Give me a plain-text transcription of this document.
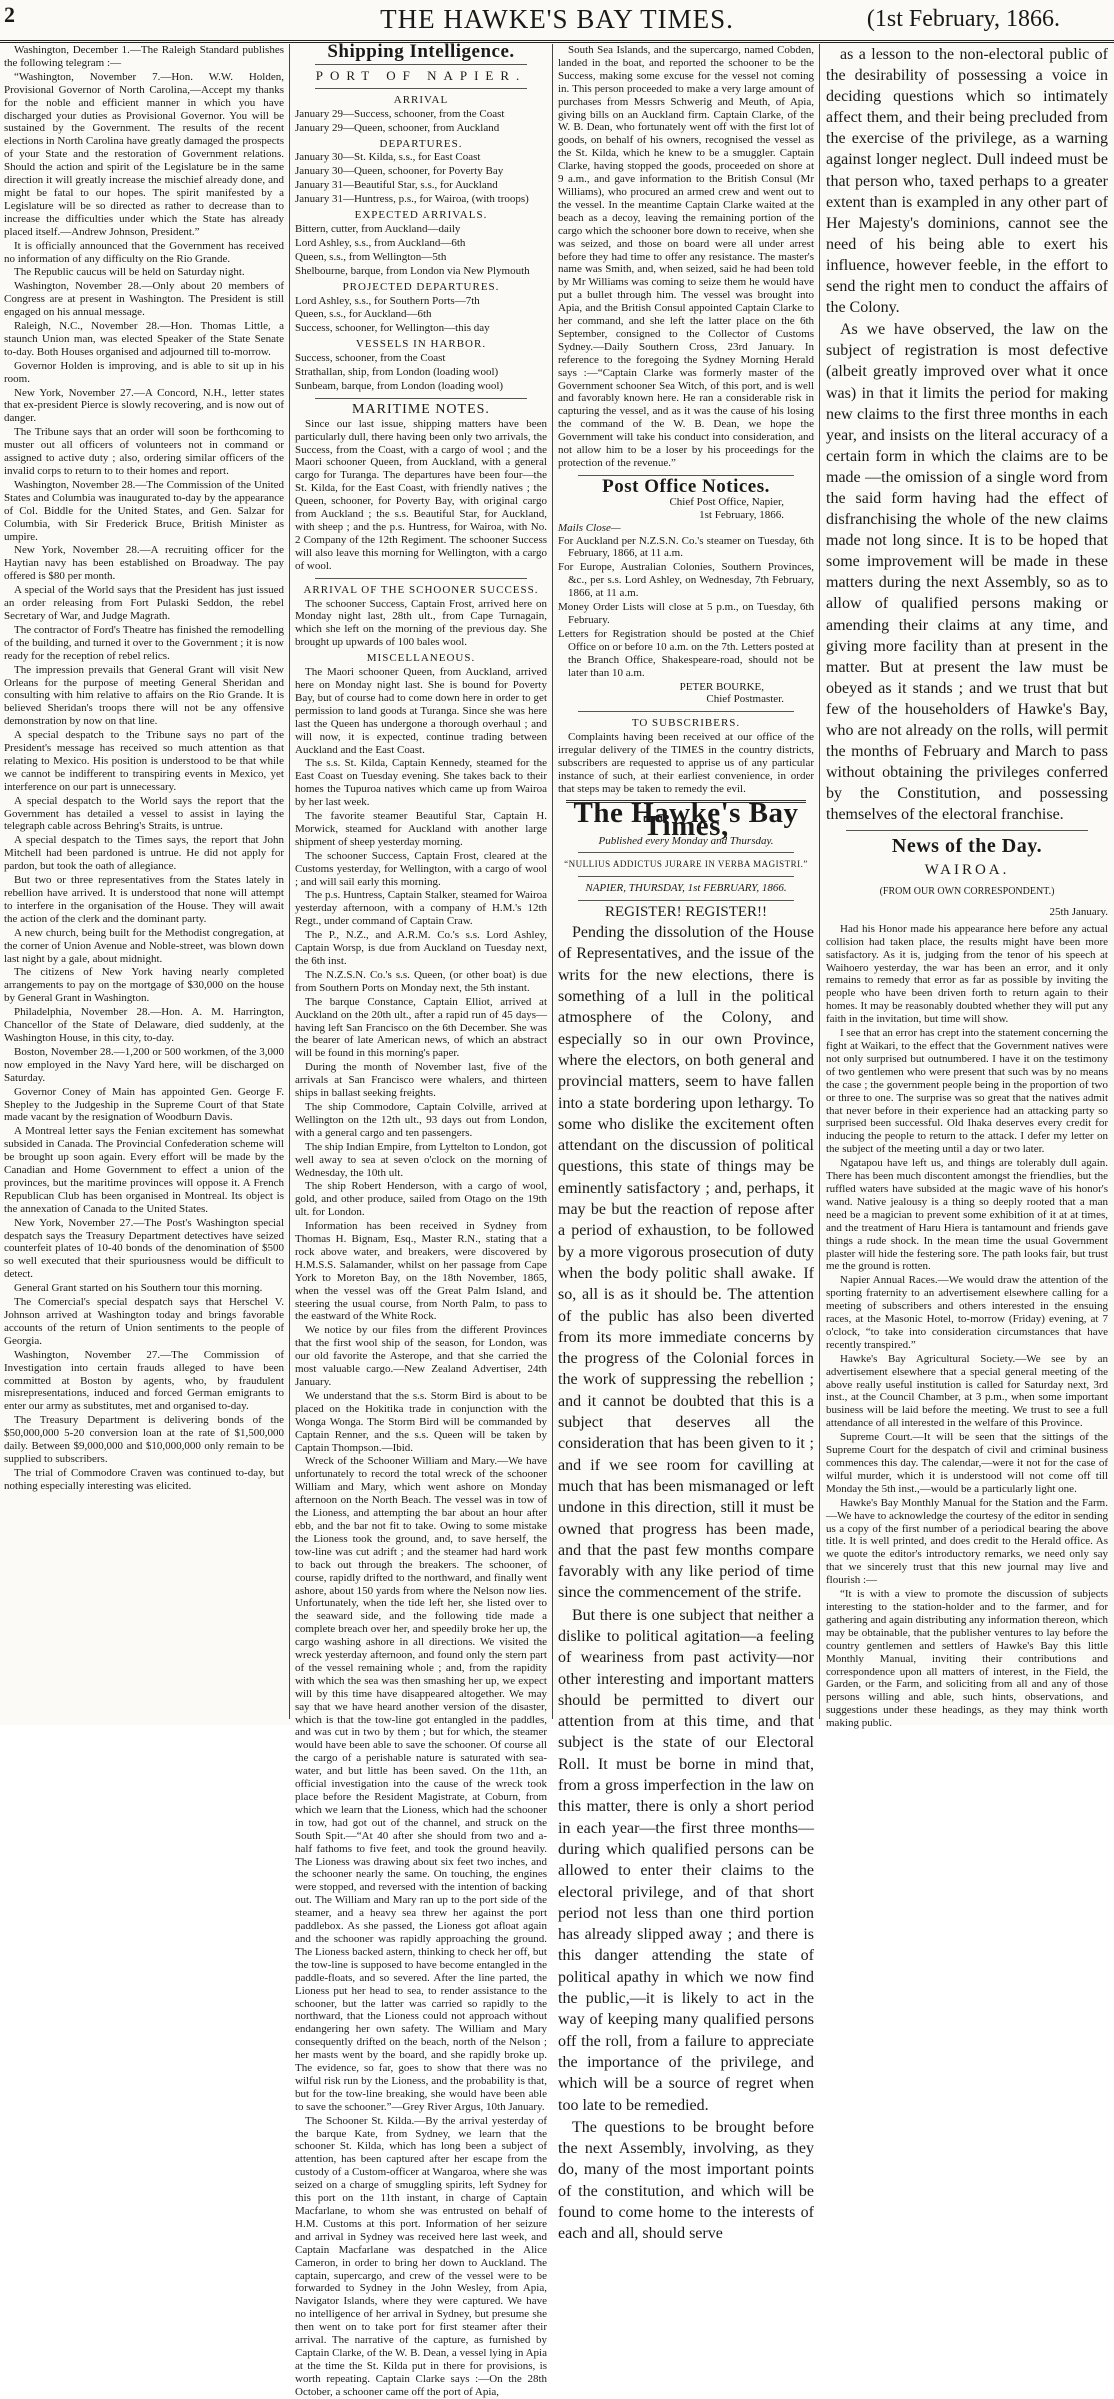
2	THE HAWKE'S BAY TIMES.	(1st February, 1866.

Washington, December 1.—The Raleigh Standard publishes the following telegram :—

“Washington, November 7.—Hon. W.W. Holden, Provisional Governor of North Carolina,—Accept my thanks for the noble and efficient manner in which you have discharged your duties as Provisional Governor. You will be sustained by the Government. The results of the recent elections in North Carolina have greatly damaged the prospects of your State and the restoration of Government relations. Should the action and spirit of the Legislature be in the same direction it will greatly increase the mischief already done, and might be fatal to our hopes. The spirit manifested by a Legislature will be so directed as rather to decrease than to increase the difficulties under which the State has already placed itself.—Andrew Johnson, President.”

It is officially announced that the Government has received no information of any difficulty on the Rio Grande.

The Republic caucus will be held on Saturday night.

Washington, November 28.—Only about 20 members of Congress are at present in Washington. The President is still engaged on his annual message.

Raleigh, N.C., November 28.—Hon. Thomas Little, a staunch Union man, was elected Speaker of the State Senate to-day. Both Houses organised and adjourned till to-morrow.

Governor Holden is improving, and is able to sit up in his room.

New York, November 27.—A Concord, N.H., letter states that ex-president Pierce is slowly recovering, and is now out of danger.

The Tribune says that an order will soon be forthcoming to muster out all officers of volunteers not in command or assigned to active duty ; also, ordering similar officers of the invalid corps to return to to their homes and report.

Washington, November 28.—The Commission of the United States and Columbia was inaugurated to-day by the appearance of Col. Biddle for the United States, and Gen. Salzar for Columbia, with Sir Frederick Bruce, British Minister as umpire.

New York, November 28.—A recruiting officer for the Haytian navy has been established on Broadway. The pay offered is $80 per month.

A special of the World says that the President has just issued an order releasing from Fort Pulaski Seddon, the rebel Secretary of War, and Judge Magrath.

The contractor of Ford's Theatre has finished the remodelling of the building, and turned it over to the Government ; it is now ready for the reception of rebel relics.

The impression prevails that General Grant will visit New Orleans for the purpose of meeting General Sheridan and consulting with him relative to affairs on the Rio Grande. It is believed Sheridan's troops there will not be any offensive demonstration by now on that line.

A special despatch to the Tribune says no part of the President's message has received so much attention as that relating to Mexico. His position is understood to be that while we cannot be indifferent to transpiring events in Mexico, yet interference on our part is unnecessary.

A special despatch to the World says the report that the Government has detailed a vessel to assist in laying the telegraph cable across Behring's Straits, is untrue.

A special despatch to the Times says, the report that John Mitchell had been pardoned is untrue. He did not apply for pardon, but took the oath of allegiance.

But two or three representatives from the States lately in rebellion have arrived. It is understood that none will attempt to interfere in the organisation of the House. They will await the action of the clerk and the dominant party.

A new church, being built for the Methodist congregation, at the corner of Union Avenue and Noble-street, was blown down last night by a gale, about midnight.

The citizens of New York having nearly completed arrangements to pay on the mortgage of $30,000 on the house by General Grant in Washington.

Philadelphia, November 28.—Hon. A. M. Harrington, Chancellor of the State of Delaware, died suddenly, at the Washington House, in this city, to-day.

Boston, November 28.—1,200 or 500 workmen, of the 3,000 now employed in the Navy Yard here, will be discharged on Saturday.

Governor Coney of Main has appointed Gen. George F. Shepley to the Judgeship in the Supreme Court of that State made vacant by the resignation of Woodburn Davis.

A Montreal letter says the Fenian excitement has somewhat subsided in Canada. The Provincial Confederation scheme will be brought up soon again. Every effort will be made by the Canadian and Home Government to effect a union of the provinces, but the maritime provinces will oppose it. A French Republican Club has been organised in Montreal. Its object is the annexation of Canada to the United States.

New York, November 27.—The Post's Washington special despatch says the Treasury Department detectives have seized counterfeit plates of 10-40 bonds of the denomination of $500 so well executed that their spuriousness would be difficult to detect.

General Grant started on his Southern tour this morning.

The Comercial's special despatch says that Herschel V. Johnson arrived at Washington today and brings favorable accounts of the return of Union sentiments to the people of Georgia.

Washington, November 27.—The Commission of Investigation into certain frauds alleged to have been committed at Boston by agents, who, by fraudulent misrepresentations, induced and forced German emigrants to enter our army as substitutes, met and organised to-day.

The Treasury Department is delivering bonds of the $50,000,000 5-20 conversion loan at the rate of $1,500,000 daily. Between $9,000,000 and $10,000,000 only remain to be supplied to subscribers.

The trial of Commodore Craven was continued to-day, but nothing especially interesting was elicited.

Shipping Intelligence.
PORT OF NAPIER.
ARRIVAL

January 29—Success, schooner, from the Coast

January 29—Queen, schooner, from Auckland

DEPARTURES.

January 30—St. Kilda, s.s., for East Coast

January 30—Queen, schooner, for Poverty Bay

January 31—Beautiful Star, s.s., for Auckland

January 31—Huntress, p.s., for Wairoa, (with troops)

EXPECTED ARRIVALS.

Bittern, cutter, from Auckland—daily

Lord Ashley, s.s., from Auckland—6th

Queen, s.s., from Wellington—5th

Shelbourne, barque, from London via New Plymouth

PROJECTED DEPARTURES.

Lord Ashley, s.s., for Southern Ports—7th

Queen, s.s., for Auckland—6th

Success, schooner, for Wellington—this day

VESSELS IN HARBOR.

Success, schooner, from the Coast

Strathallan, ship, from London (loading wool)

Sunbeam, barque, from London (loading wool)

MARITIME NOTES.

Since our last issue, shipping matters have been particularly dull, there having been only two arrivals, the Success, from the Coast, with a cargo of wool ; and the Maori schooner Queen, from Auckland, with a general cargo for Turanga. The departures have been four—the St. Kilda, for the East Coast, with friendly natives ; the Queen, schooner, for Poverty Bay, with original cargo from Auckland ; the s.s. Beautiful Star, for Auckland, with sheep ; and the p.s. Huntress, for Wairoa, with No. 2 Company of the 12th Regiment. The schooner Success will also leave this morning for Wellington, with a cargo of wool.

ARRIVAL OF THE SCHOONER SUCCESS.

The schooner Success, Captain Frost, arrived here on Monday night last, 28th ult., from Cape Turnagain, which she left on the morning of the previous day. She brought up upwards of 100 bales wool.

MISCELLANEOUS.

The Maori schooner Queen, from Auckland, arrived here on Monday night last. She is bound for Poverty Bay, but of course had to come down here in order to get permission to land goods at Turanga. Since she was here last the Queen has undergone a thorough overhaul ; and will now, it is expected, continue trading between Auckland and the East Coast.

The s.s. St. Kilda, Captain Kennedy, steamed for the East Coast on Tuesday evening. She takes back to their homes the Tupuroa natives which came up from Wairoa by her last week.

The favorite steamer Beautiful Star, Captain H. Morwick, steamed for Auckland with another large shipment of sheep yesterday morning.

The schooner Success, Captain Frost, cleared at the Customs yesterday, for Wellington, with a cargo of wool ; and will sail early this morning.

The p.s. Huntress, Captain Stalker, steamed for Wairoa yesterday afternoon, with a company of H.M.'s 12th Regt., under command of Captain Craw.

The P., N.Z., and A.R.M. Co.'s s.s. Lord Ashley, Captain Worsp, is due from Auckland on Tuesday next, the 6th inst.

The N.Z.S.N. Co.'s s.s. Queen, (or other boat) is due from Southern Ports on Monday next, the 5th instant.

The barque Constance, Captain Elliot, arrived at Auckland on the 20th ult., after a rapid run of 45 days—having left San Francisco on the 6th December. She was the bearer of late American news, of which an abstract will be found in this morning's paper.

During the month of November last, five of the arrivals at San Francisco were whalers, and thirteen ships in ballast seeking freights.

The ship Commodore, Captain Colville, arrived at Wellington on the 12th ult., 93 days out from London, with a general cargo and ten passengers.

The ship Indian Empire, from Lyttelton to London, got well away to sea at seven o'clock on the morning of Wednesday, the 10th ult.

The ship Robert Henderson, with a cargo of wool, gold, and other produce, sailed from Otago on the 19th ult. for London.

Information has been received in Sydney from Thomas H. Bignam, Esq., Master R.N., stating that a rock above water, and breakers, were discovered by H.M.S.S. Salamander, whilst on her passage from Cape York to Moreton Bay, on the 18th November, 1865, when the vessel was off the Great Palm Island, and steering the usual course, from North Palm, to pass to the eastward of the White Rock.

We notice by our files from the different Provinces that the first wool ship of the season, for London, was our old favorite the Asterope, and that she carried the most valuable cargo.—New Zealand Advertiser, 24th January.

We understand that the s.s. Storm Bird is about to be placed on the Hokitika trade in conjunction with the Wonga Wonga. The Storm Bird will be commanded by Captain Renner, and the s.s. Queen will be taken by Captain Thompson.—Ibid.

Wreck of the Schooner William and Mary.—We have unfortunately to record the total wreck of the schooner William and Mary, which went ashore on Monday afternoon on the North Beach. The vessel was in tow of the Lioness, and attempting the bar about an hour after ebb, and the bar not fit to take. Owing to some mistake the Lioness took the ground, and, to save herself, the tow-line was cut adrift ; and the steamer had hard work to back out through the breakers. The schooner, of course, rapidly drifted to the northward, and finally went ashore, about 150 yards from where the Nelson now lies. Unfortunately, when the tide left her, she listed over to the seaward side, and the following tide made a complete breach over her, and speedily broke her up, the cargo washing ashore in all directions. We visited the wreck yesterday afternoon, and found only the stern part of the vessel remaining whole ; and, from the rapidity with which the sea was then smashing her up, we expect will by this time have disappeared altogether. We may say that we have heard another version of the disaster, which is that the tow-line got entangled in the paddles, and was cut in two by them ; but for which, the steamer would have been able to save the schooner. Of course all the cargo of a perishable nature is saturated with sea-water, and but little has been saved. On the 11th, an official investigation into the cause of the wreck took place before the Resident Magistrate, at Coburn, from which we learn that the Lioness, which had the schooner in tow, had got out of the channel, and struck on the South Spit.—“At 40 after she should from two and a-half fathoms to five feet, and took the ground heavily. The Lioness was drawing about six feet two inches, and the schooner nearly the same. On touching, the engines were stopped, and reversed with the intention of backing out. The William and Mary ran up to the port side of the steamer, and a heavy sea threw her against the port paddlebox. As she passed, the Lioness got afloat again and the schooner was rapidly approaching the ground. The Lioness backed astern, thinking to check her off, but the tow-line is supposed to have become entangled in the paddle-floats, and so severed. After the line parted, the Lioness put her head to sea, to render assistance to the schooner, but the latter was carried so rapidly to the northward, that the Lioness could not approach without endangering her own safety. The William and Mary consequently drifted on the beach, north of the Nelson ; her masts went by the board, and she rapidly broke up. The evidence, so far, goes to show that there was no wilful risk run by the Lioness, and the probability is that, but for the tow-line breaking, she would have been able to save the schooner.”—Grey River Argus, 10th January.

The Schooner St. Kilda.—By the arrival yesterday of the barque Kate, from Sydney, we learn that the schooner St. Kilda, which has long been a subject of attention, has been captured after her escape from the custody of a Custom-officer at Wangaroa, where she was seized on a charge of smuggling spirits, left Sydney for this port on the 11th instant, in charge of Captain Macfarlane, to whom she was entrusted on behalf of H.M. Customs at this port. Information of her seizure and arrival in Sydney was received here last week, and Captain Macfarlane was despatched in the Alice Cameron, in order to bring her down to Auckland. The captain, supercargo, and crew of the vessel were to be forwarded to Sydney in the John Wesley, from Apia, Navigator Islands, where they were captured. We have no intelligence of her arrival in Sydney, but presume she then went on to take port for first steamer after their arrival. The narrative of the capture, as furnished by Captain Clarke, of the W. B. Dean, a vessel lying in Apia at the time the St. Kilda put in there for provisions, is worth repeating. Captain Clarke says :—On the 28th October, a schooner came off the port of Apia,

South Sea Islands, and the supercargo, named Cobden, landed in the boat, and reported the schooner to be the Success, making some excuse for the vessel not coming in. This person proceeded to make a very large amount of purchases from Messrs Schwerig and Meuth, of Apia, giving bills on an Auckland firm. Captain Clarke, of the W. B. Dean, who fortunately went off with the first lot of goods, on behalf of his owners, recognised the vessel as the St. Kilda, which he knew to be a smuggler. Captain Clarke, having stopped the goods, proceeded on shore at 9 a.m., and gave information to the British Consul (Mr Williams), who procured an armed crew and went out to the vessel. In the meantime Captain Clarke waited at the beach as a decoy, leaving the remaining portion of the cargo which the schooner bore down to receive, when she was seized, and those on board were all under arrest before they had time to offer any resistance. The master's name was Smith, and, when seized, said he had been told by Mr Williams was coming to seize them he would have put a bullet through him. The vessel was brought into Apia, and the British Consul appointed Captain Clarke to her command, and she left the latter place on the 6th September, consigned to the Collector of Customs Sydney.—Daily Southern Cross, 23rd January. In reference to the foregoing the Sydney Morning Herald says :—“Captain Clarke was formerly master of the Government schooner Sea Witch, of this port, and is well and favorably known here. He ran a considerable risk in capturing the vessel, and as it was the cause of his losing the command of the W. B. Dean, we hope the Government will take his conduct into consideration, and not allow him to be a loser by his proceedings for the protection of the revenue.”

Post Office Notices.
Chief Post Office, Napier,
1st February, 1866.
Mails Close—

For Auckland per N.Z.S.N. Co.'s steamer on Tuesday, 6th February, 1866, at 11 a.m.

For Europe, Australian Colonies, Southern Provinces, &c., per s.s. Lord Ashley, on Wednesday, 7th February, 1866, at 11 a.m.

Money Order Lists will close at 5 p.m., on Tuesday, 6th February.

Letters for Registration should be posted at the Chief Office on or before 10 a.m. on the 7th. Letters posted at the Branch Office, Shakespeare-road, should not be later than 10 a.m.

PETER BOURKE,
Chief Postmaster.
TO SUBSCRIBERS.

Complaints having been received at our office of the irregular delivery of the TIMES in the country districts, subscribers are requested to apprise us of any particular instance of such, at their earliest convenience, in order that steps may be taken to remedy the evil.

The Hawke's Bay Times,
Published every Monday and Thursday.
“NULLIUS ADDICTUS JURARE IN VERBA MAGISTRI.”
NAPIER, THURSDAY, 1st FEBRUARY, 1866.
REGISTER! REGISTER!!

Pending the dissolution of the House of Representatives, and the issue of the writs for the new elections, there is something of a lull in the political atmosphere of the Colony, and especially so in our own Province, where the electors, on both general and provincial matters, seem to have fallen into a state bordering upon lethargy. To some who dislike the excitement often attendant on the discussion of political questions, this state of things may be eminently satisfactory ; and, perhaps, it may be but the reaction of repose after a period of exhaustion, to be followed by a more vigorous prosecution of duty when the body politic shall awake. If so, all is as it should be. The attention of the public has also been diverted from its more immediate concerns by the progress of the Colonial forces in the work of suppressing the rebellion ; and it cannot be doubted that this is a subject that deserves all the consideration that has been given to it ; and if we see room for cavilling at much that has been mismanaged or left undone in this direction, still it must be owned that progress has been made, and that the past few months compare favorably with any like period of time since the commencement of the strife.

But there is one subject that neither a dislike to political agitation—a feeling of weariness from past activity—nor other interesting and important matters should be permitted to divert our attention from at this time, and that subject is the state of our Electoral Roll. It must be borne in mind that, from a gross imperfection in the law on this matter, there is only a short period in each year—the first three months—during which qualified persons can be allowed to enter their claims to the electoral privilege, and of that short period not less than one third portion has already slipped away ; and there is this danger attending the state of political apathy in which we now find the public,—it is likely to act in the way of keeping many qualified persons off the roll, from a failure to appreciate the importance of the privilege, and which will be a source of regret when too late to be remedied.

The questions to be brought before the next Assembly, involving, as they do, many of the most important points of the constitution, and which will be found to come home to the interests of each and all, should serve

as a lesson to the non-electoral public of the desirability of possessing a voice in deciding questions which so intimately affect them, and their being precluded from the exercise of the privilege, as a warning against longer neglect. Dull indeed must be that person who, taxed perhaps to a greater extent than is exampled in any other part of Her Majesty's dominions, cannot see the need of his being able to exert his influence, however feeble, in the effort to send the right men to conduct the affairs of the Colony.

As we have observed, the law on the subject of registration is most defective (albeit greatly improved over what it once was) in that it limits the period for making new claims to the first three months in each year, and insists on the literal accuracy of a certain form in which the claims are to be made —the omission of a single word from the said form having had the effect of disfranchising the whole of the new claims made not long since. It is to be hoped that some improvement will be made in these matters during the next Assembly, so as to allow of qualified persons making or amending their claims at any time, and giving more facility than at present in the matter. But at present the law must be obeyed as it stands ; and we trust that but few of the householders of Hawke's Bay, who are not already on the rolls, will permit the months of February and March to pass without obtaining the privileges conferred by the Constitution, and possessing themselves of the electoral franchise.

News of the Day.
WAIROA.
(FROM OUR OWN CORRESPONDENT.)
25th January.

Had his Honor made his appearance here before any actual collision had taken place, the results might have been more satisfactory. As it is, judging from the tenor of his speech at Waihoero yesterday, the war has been an error, and it only remains to remedy that error as far as possible by inviting the people who have been driven forth to return again to their homes. It may be reasonably doubted whether they will put any faith in the invitation, but time will show.

I see that an error has crept into the statement concerning the fight at Waikari, to the effect that the Government natives were not only surprised but outnumbered. I have it on the testimony of two gentlemen who were present that such was by no means the case ; the government people being in the proportion of two or three to one. The surprise was so great that the natives admit that never before in their experience had an attacking party so surprised been successful. Old Ihaka deserves every credit for inducing the people to return to the attack. I defer my letter on the subject of the meeting until a day or two later.

Ngatapou have left us, and things are tolerably dull again. There has been much discontent amongst the friendlies, but the ruffled waters have subsided at the magic wave of his honor's wand. Native jealousy is a thing so deeply rooted that a man need be a magician to prevent some exhibition of it at at times, and the treatment of Haru Hiera is tantamount and friends gave things a rude shock. In the mean time the usual Government plaster will hide the festering sore. The path looks fair, but trust me the ground is rotten.

Napier Annual Races.—We would draw the attention of the sporting fraternity to an advertisement elsewhere calling for a meeting of subscribers and others interested in the ensuing races, at the Masonic Hotel, to-morrow (Friday) evening, at 7 o'clock, “to take into consideration circumstances that have recently transpired.”

Hawke's Bay Agricultural Society.—We see by an advertisement elsewhere that a special general meeting of the above really useful institution is called for Saturday next, 3rd inst., at the Council Chamber, at 3 p.m., when some important business will be laid before the meeting. We trust to see a full attendance of all interested in the welfare of this Province.

Supreme Court.—It will be seen that the sittings of the Supreme Court for the despatch of civil and criminal business commences this day. The calendar,—were it not for the case of wilful murder, which it is understood will not come off till Monday the 5th inst.,—would be a particularly light one.

Hawke's Bay Monthly Manual for the Station and the Farm.—We have to acknowledge the courtesy of the editor in sending us a copy of the first number of a periodical bearing the above title. It is well printed, and does credit to the Herald office. As we quote the editor's introductory remarks, we need only say that we sincerely trust that this new journal may live and flourish :—

“It is with a view to promote the discussion of subjects interesting to the station-holder and to the farmer, and for gathering and again distributing any information thereon, which may be obtainable, that the publisher ventures to lay before the country gentlemen and settlers of Hawke's Bay this little Monthly Manual, inviting their contributions and correspondence upon all matters of interest, in the Field, the Garden, or the Farm, and soliciting from all and any of those persons willing and able, such hints, observations, and suggestions under these headings, as they may think worth making public.
